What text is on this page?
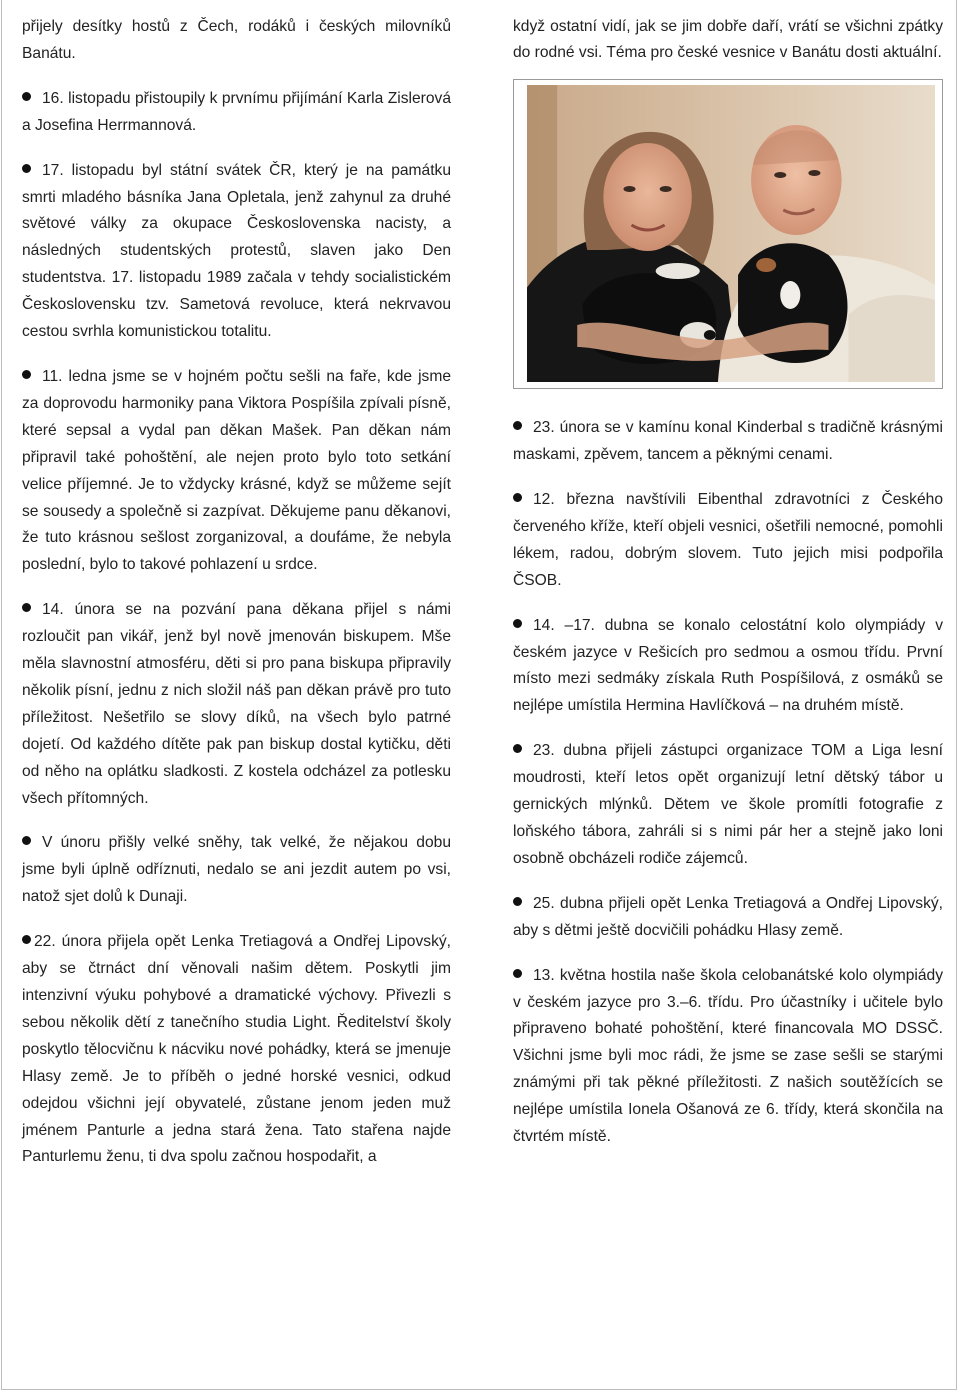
přijely desítky hostů z Čech, rodáků i českých milovníků Banátu.

16. listopadu přistoupily k prvnímu přijímání Karla Zislerová a Josefina Herrmannová.
17. listopadu byl státní svátek ČR, který je na památku smrti mladého básníka Jana Opletala, jenž zahynul za druhé světové války za okupace Československa nacisty, a následných studentských protestů, slaven jako Den studentstva. 17. listopadu 1989 začala v tehdy socialistickém Československu tzv. Sametová revoluce, která nekrvavou cestou svrhla komunistickou totalitu.
11. ledna jsme se v hojném počtu sešli na faře, kde jsme za doprovodu harmoniky pana Viktora Pospíšila zpívali písně, které sepsal a vydal pan děkan Mašek. Pan děkan nám připravil také pohoštění, ale nejen proto bylo toto setkání velice příjemné. Je to vždycky krásné, když se můžeme sejít se sousedy a společně si zazpívat. Děkujeme panu děkanovi, že tuto krásnou sešlost zorganizoval, a doufáme, že nebyla poslední, bylo to takové pohlazení u srdce.
14. února se na pozvání pana děkana přijel s námi rozloučit pan vikář, jenž byl nově jmenován biskupem. Mše měla slavnostní atmosféru, děti si pro pana biskupa připravily několik písní, jednu z nich složil náš pan děkan právě pro tuto příležitost. Nešetřilo se slovy díků, na všech bylo patrné dojetí. Od každého dítěte pak pan biskup dostal kytičku, děti od něho na oplátku sladkosti. Z kostela odcházel za potlesku všech přítomných.
V únoru přišly velké sněhy, tak velké, že nějakou dobu jsme byli úplně odříznuti, nedalo se ani jezdit autem po vsi, natož sjet dolů k Dunaji.
22. února přijela opět Lenka Tretiagová a Ondřej Lipovský, aby se čtrnáct dní věnovali našim dětem. Poskytli jim intenzivní výuku pohybové a dramatické výchovy. Přivezli s sebou několik dětí z tanečního studia Light. Ředitelství školy poskytlo tělocvičnu k nácviku nové pohádky, která se jmenuje Hlasy země. Je to příběh o jedné horské vesnici, odkud odejdou všichni její obyvatelé, zůstane jenom jeden muž jménem Panturle a jedna stará žena. Tato stařena najde Panturlemu ženu, ti dva spolu začnou hospodařit, a

když ostatní vidí, jak se jim dobře daří, vrátí se všichni zpátky do rodné vsi. Téma pro české vesnice v Banátu dosti aktuální.

23. února se v kamínu konal Kinderbal s tradičně krásnými maskami, zpěvem, tancem a pěknými cenami.
12. března navštívili Eibenthal zdravotníci z Českého červeného kříže, kteří objeli vesnici, ošetřili nemocné, pomohli lékem, radou, dobrým slovem. Tuto jejich misi podpořila ČSOB.
14. –17. dubna se konalo celostátní kolo olympiády v českém jazyce v Rešicích pro sedmou a osmou třídu. První místo mezi sedmáky získala Ruth Pospíšilová, z osmáků se nejlépe umístila Hermina Havlíčková – na druhém místě.
23. dubna přijeli zástupci organizace TOM a Liga lesní moudrosti, kteří letos opět organizují letní dětský tábor u gernických mlýnků. Dětem ve škole promítli fotografie z loňského tábora, zahráli si s nimi pár her a stejně jako loni osobně obcházeli rodiče zájemců.
25. dubna přijeli opět Lenka Tretiagová a Ondřej Lipovský, aby s dětmi ještě docvičili pohádku Hlasy země.
13. května hostila naše škola celobanátské kolo olympiády v českém jazyce pro 3.–6. třídu. Pro účastníky i učitele bylo připraveno bohaté pohoštění, které financovala MO DSSČ. Všichni jsme byli moc rádi, že jsme se zase sešli se starými známými při tak pěkné příležitosti. Z našich soutěžících se nejlépe umístila Ionela Ošanová ze 6. třídy, která skončila na čtvrtém místě.
